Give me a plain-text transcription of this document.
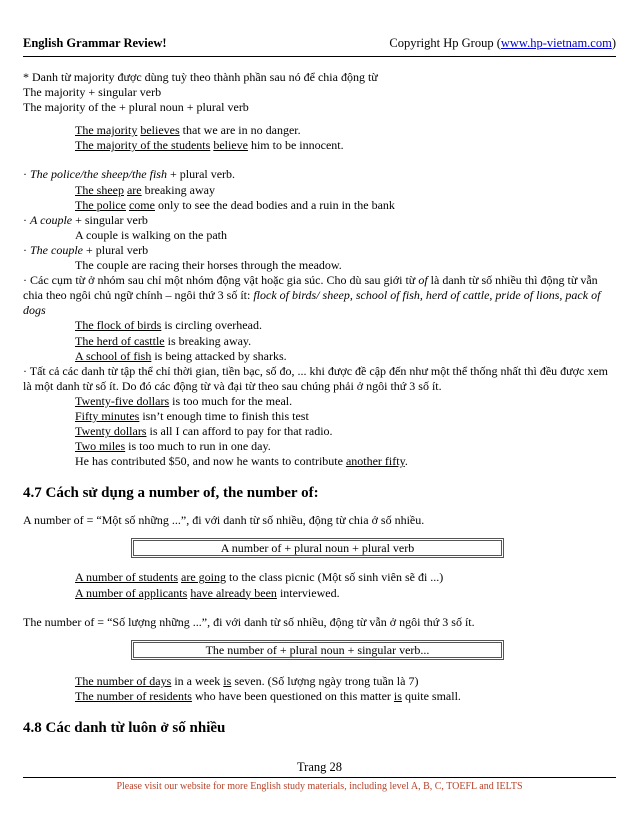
English Grammar Review!	Copyright Hp Group (www.hp-vietnam.com)

* Danh từ majority được dùng tuỳ theo thành phần sau nó để chia động từ

The majority + singular verb

The majority of the + plural noun + plural verb

The majority believes that we are in no danger.

The majority of the students believe him to be innocent.

· The police/the sheep/the fish + plural verb.

The sheep are breaking away

The police come only to see the dead bodies and a ruin in the bank

· A couple + singular verb

A couple is walking on the path

· The couple + plural verb

The couple are racing their horses through the meadow.

· Các cụm từ ở nhóm sau chỉ một nhóm động vật hoặc gia súc. Cho dù sau giới từ of là danh từ số nhiều thì động từ vẫn chia theo ngôi chủ ngữ chính – ngôi thứ 3 số ít: flock of birds/ sheep, school of fish, herd of cattle, pride of lions, pack of dogs

The flock of birds is circling overhead.

The herd of casttle is breaking away.

A school of fish is being attacked by sharks.

· Tất cả các danh từ tập thể chỉ thời gian, tiền bạc, số đo, ... khi được đề cập đến như một thể thống nhất thì đều được xem là một danh từ số ít. Do đó các động từ và đại từ theo sau chúng phải ở ngôi thứ 3 số ít.

Twenty-five dollars is too much for the meal.

Fifty minutes isn’t enough time to finish this test

Twenty dollars is all I can afford to pay for that radio.

Two miles is too much to run in one day.

He has contributed $50, and now he wants to contribute another fifty.

4.7 Cách sử dụng a number of, the number of:

A number of = “Một số những ...”, đi với danh từ số nhiều, động từ chia ở số nhiều.

A number of + plural noun + plural verb

A number of students are going to the class picnic (Một số sinh viên sẽ đi ...)

A number of applicants have already been interviewed.

The number of = “Số lượng những ...”, đi với danh từ số nhiều, động từ vẫn ở ngôi thứ 3 số ít.

The number of + plural noun + singular verb...

The number of days in a week is seven. (Số lượng ngày trong tuần là 7)

The number of residents who have been questioned on this matter is quite small.

4.8 Các danh từ luôn ở số nhiều
Trang 28
Please visit our website for more English study materials, including level A, B, C, TOEFL and IELTS
